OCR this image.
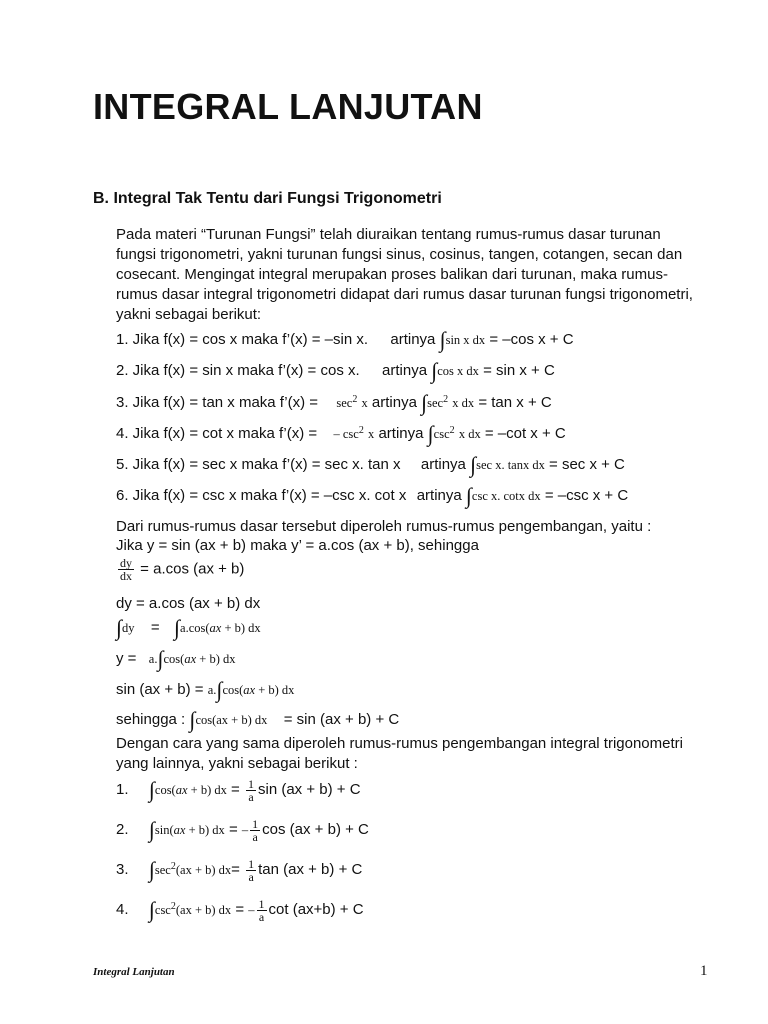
INTEGRAL LANJUTAN
B. Integral Tak Tentu dari Fungsi Trigonometri
Pada materi “Turunan Fungsi” telah diuraikan tentang rumus-rumus dasar turunan
fungsi trigonometri, yakni turunan fungsi sinus, cosinus, tangen, cotangen, secan dan
cosecant. Mengingat integral merupakan proses balikan dari turunan, maka rumus-
rumus dasar integral trigonometri didapat dari rumus dasar turunan fungsi trigonometri,
yakni sebagai berikut:
1. Jika f(x) = cos x maka f’(x) = –sin x. artinya ∫sin x dx = –cos x + C
2. Jika f(x) = sin x maka f’(x) = cos x. artinya ∫cos x dx = sin x + C
3. Jika f(x) = tan x maka f’(x) = $\sec^2 x$ artinya $\int\sec^2$ x dx = tan x + C
4. Jika f(x) = cot x maka f’(x) = – $\csc^2 x$ artinya $\int\csc^2$ x dx = –cot x + C
5. Jika f(x) = sec x maka f’(x) = sec x. tan x artinya ∫sec x. tanx dx = sec x + C
6. Jika f(x) = csc x maka f’(x) = –csc x. cot x artinya ∫csc x. cotx dx = –csc x + C
Dari rumus-rumus dasar tersebut diperoleh rumus-rumus pengembangan, yaitu :
Jika y = sin (ax + b) maka y’ = a.cos (ax + b), sehingga
$\frac{dy}{dx} = a.\cos$ (ax + b)
dy = a.cos (ax + b) dx
∫dy = ∫a.cos(ax + b) dx
y = a.∫cos(ax + b) dx
sin (ax + b) = a.∫cos(ax + b) dx
sehingga : ∫cos(ax + b) dx = sin (ax + b) + C
Dengan cara yang sama diperoleh rumus-rumus pengembangan integral trigonometri
yang lainnya, yakni sebagai berikut :
1. ∫cos(ax + b) dx = $\frac{1}{a}$ sin (ax + b) + C
2. ∫sin(ax + b) dx = – $\frac{1}{a}$ cos (ax + b) + C
3. $\int\sec^2(ax + b)$ $dx= \frac{1}{a}$ tan (ax + b) + C
4. $\int\csc^2(ax + b)$ dx = – $\frac{1}{a}$ cot (ax+b) + C
Integral Lanjutan	1
